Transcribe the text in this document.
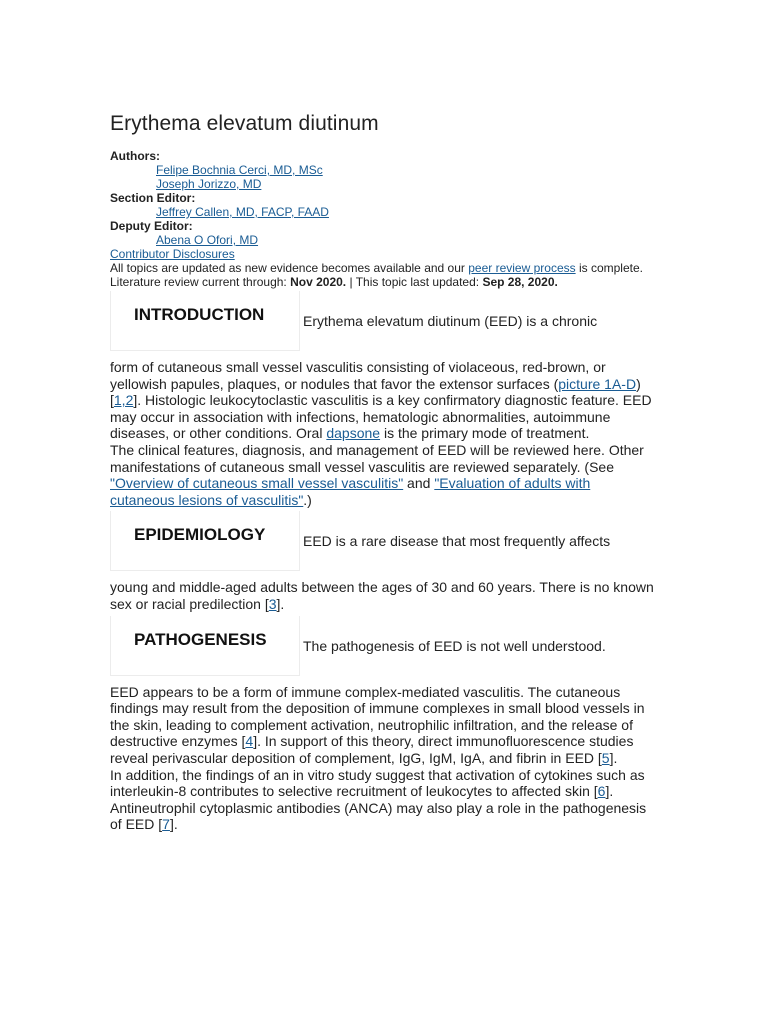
Erythema elevatum diutinum
Authors:
Felipe Bochnia Cerci, MD, MSc
Joseph Jorizzo, MD
Section Editor:
Jeffrey Callen, MD, FACP, FAAD
Deputy Editor:
Abena O Ofori, MD
Contributor Disclosures
All topics are updated as new evidence becomes available and our peer review process is complete.
Literature review current through: Nov 2020. | This topic last updated: Sep 28, 2020.
INTRODUCTION	Erythema elevatum diutinum (EED) is a chronic

form of cutaneous small vessel vasculitis consisting of violaceous, red-brown, or yellowish papules, plaques, or nodules that favor the extensor surfaces (picture 1A-D) [1,2]. Histologic leukocytoclastic vasculitis is a key confirmatory diagnostic feature. EED may occur in association with infections, hematologic abnormalities, autoimmune diseases, or other conditions. Oral dapsone is the primary mode of treatment.

The clinical features, diagnosis, and management of EED will be reviewed here. Other manifestations of cutaneous small vessel vasculitis are reviewed separately. (See "Overview of cutaneous small vessel vasculitis" and "Evaluation of adults with cutaneous lesions of vasculitis".)

EPIDEMIOLOGY	EED is a rare disease that most frequently affects

young and middle-aged adults between the ages of 30 and 60 years. There is no known sex or racial predilection [3].

PATHOGENESIS	The pathogenesis of EED is not well understood.

EED appears to be a form of immune complex-mediated vasculitis. The cutaneous findings may result from the deposition of immune complexes in small blood vessels in the skin, leading to complement activation, neutrophilic infiltration, and the release of destructive enzymes [4]. In support of this theory, direct immunofluorescence studies reveal perivascular deposition of complement, IgG, IgM, IgA, and fibrin in EED [5].

In addition, the findings of an in vitro study suggest that activation of cytokines such as interleukin-8 contributes to selective recruitment of leukocytes to affected skin [6]. Antineutrophil cytoplasmic antibodies (ANCA) may also play a role in the pathogenesis of EED [7].
